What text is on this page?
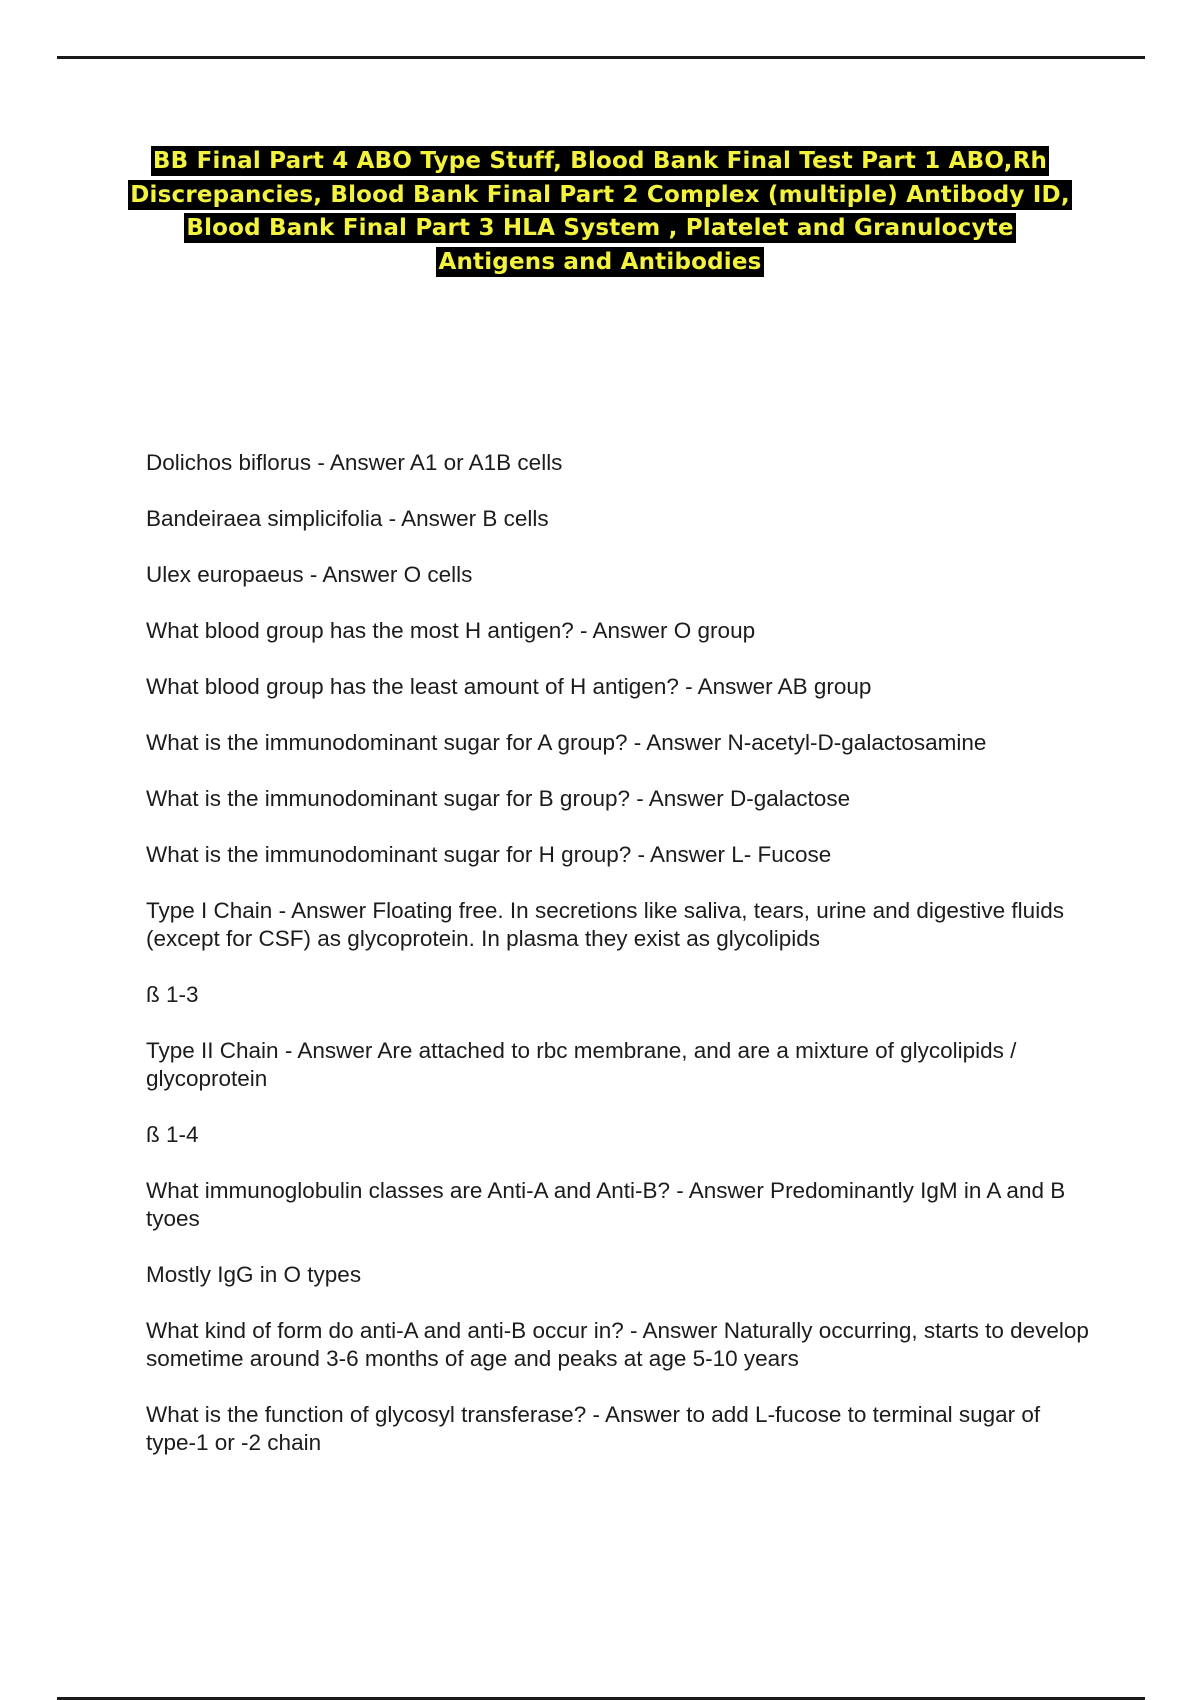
BB Final Part 4 ABO Type Stuff, Blood Bank Final Test Part 1 ABO,Rh
Discrepancies, Blood Bank Final Part 2 Complex (multiple) Antibody ID,
Blood Bank Final Part 3 HLA System , Platelet and Granulocyte
Antigens and Antibodies

Dolichos biflorus - Answer A1 or A1B cells

Bandeiraea simplicifolia - Answer B cells

Ulex europaeus - Answer O cells

What blood group has the most H antigen? - Answer O group

What blood group has the least amount of H antigen? - Answer AB group

What is the immunodominant sugar for A group? - Answer N-acetyl-D-galactosamine

What is the immunodominant sugar for B group? - Answer D-galactose

What is the immunodominant sugar for H group? - Answer L- Fucose

Type I Chain - Answer Floating free. In secretions like saliva, tears, urine and digestive fluids (except for CSF) as glycoprotein. In plasma they exist as glycolipids

ß 1-3

Type II Chain - Answer Are attached to rbc membrane, and are a mixture of glycolipids / glycoprotein

ß 1-4

What immunoglobulin classes are Anti-A and Anti-B? - Answer Predominantly IgM in A and B tyoes

Mostly IgG in O types

What kind of form do anti-A and anti-B occur in? - Answer Naturally occurring, starts to develop sometime around 3-6 months of age and peaks at age 5-10 years

What is the function of glycosyl transferase? - Answer to add L-fucose to terminal sugar of type-1 or -2 chain
